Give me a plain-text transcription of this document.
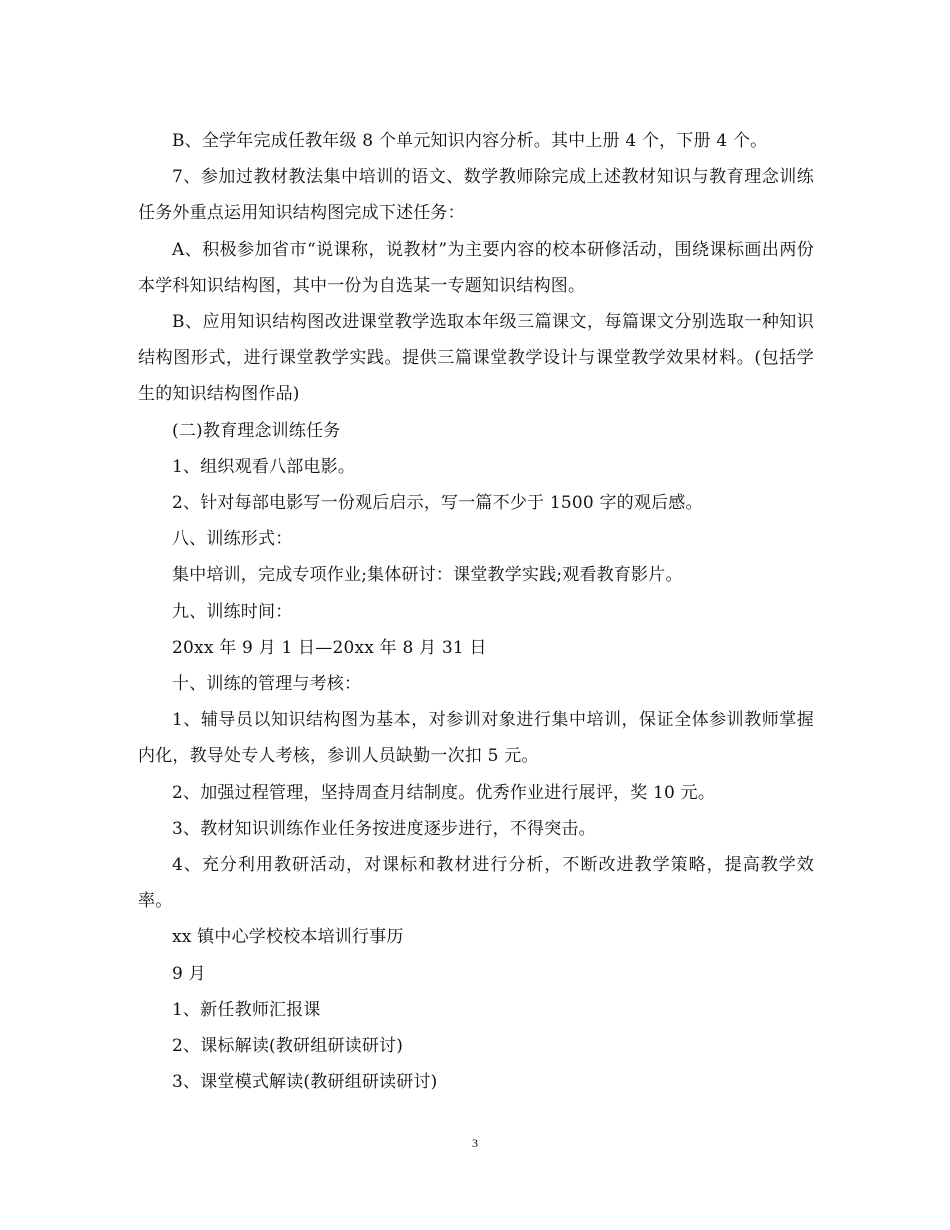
B、全学年完成任教年级 8 个单元知识内容分析。其中上册 4 个，下册 4 个。

7、参加过教材教法集中培训的语文、数学教师除完成上述教材知识与教育理念训练任务外重点运用知识结构图完成下述任务：

A、积极参加省市“说课称，说教材”为主要内容的校本研修活动，围绕课标画出两份本学科知识结构图，其中一份为自选某一专题知识结构图。

B、应用知识结构图改进课堂教学选取本年级三篇课文，每篇课文分别选取一种知识结构图形式，进行课堂教学实践。提供三篇课堂教学设计与课堂教学效果材料。(包括学生的知识结构图作品)

(二)教育理念训练任务

1、组织观看八部电影。

2、针对每部电影写一份观后启示，写一篇不少于 1500 字的观后感。

八、训练形式：

集中培训，完成专项作业;集体研讨：课堂教学实践;观看教育影片。

九、训练时间：

20xx 年 9 月 1 日—20xx 年 8 月 31 日

十、训练的管理与考核：

1、辅导员以知识结构图为基本，对参训对象进行集中培训，保证全体参训教师掌握内化，教导处专人考核，参训人员缺勤一次扣 5 元。

2、加强过程管理，坚持周查月结制度。优秀作业进行展评，奖 10 元。

3、教材知识训练作业任务按进度逐步进行，不得突击。

4、充分利用教研活动，对课标和教材进行分析，不断改进教学策略，提高教学效率。

xx 镇中心学校校本培训行事历

9 月

1、新任教师汇报课

2、课标解读(教研组研读研讨)

3、课堂模式解读(教研组研读研讨)

3
